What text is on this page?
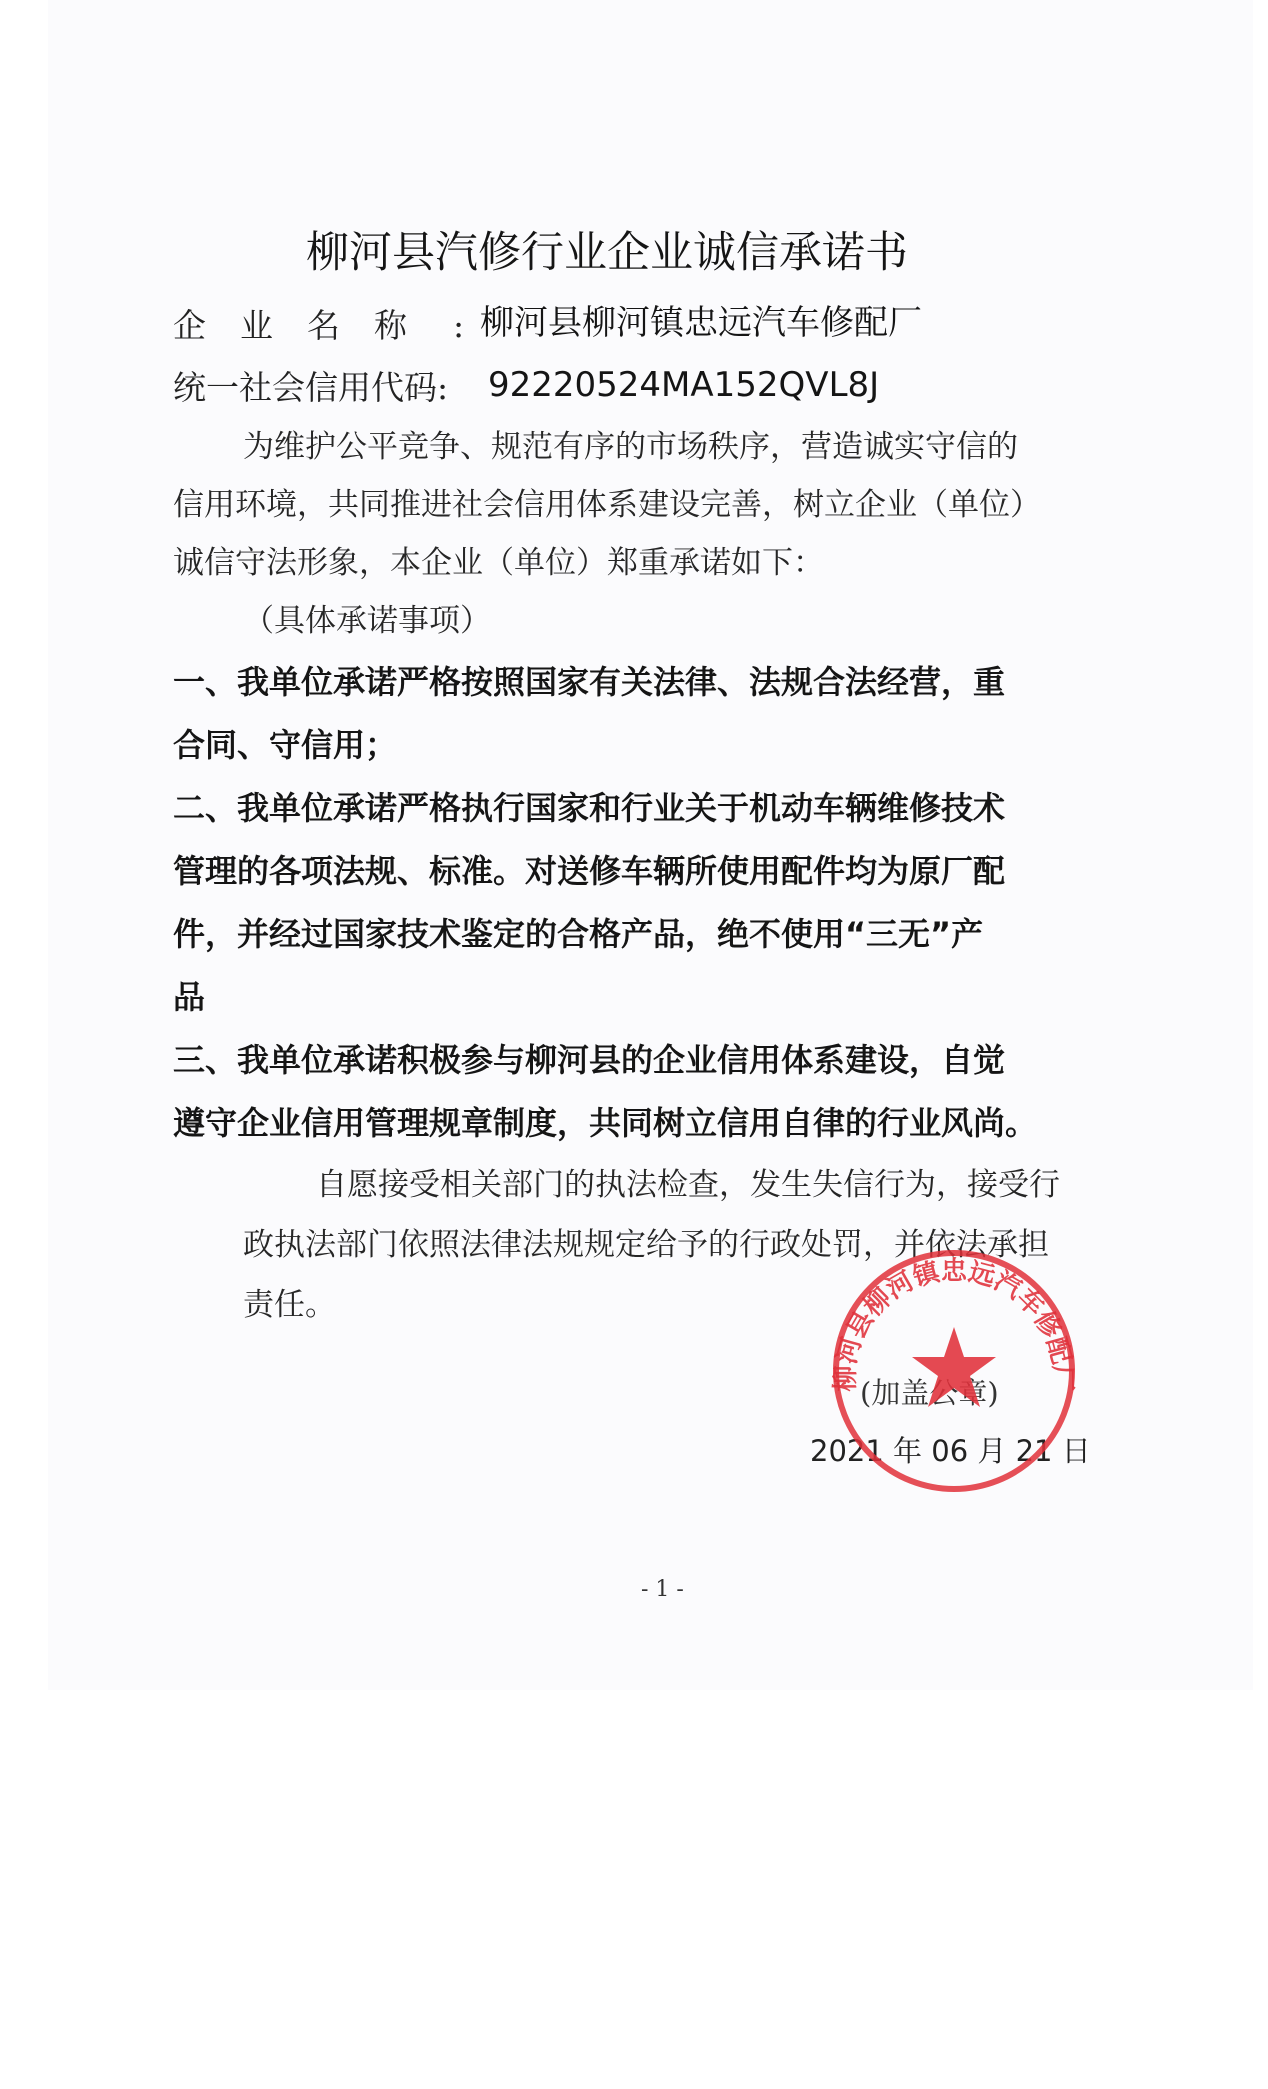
柳河县汽修行业企业诚信承诺书
企业名称 : 柳河县柳河镇忠远汽车修配厂
统一社会信用代码: 92220524MA152QVL8J
为维护公平竞争、规范有序的市场秩序，营造诚实守信的
信用环境，共同推进社会信用体系建设完善，树立企业（单位）
诚信守法形象，本企业（单位）郑重承诺如下：
（具体承诺事项）
一、我单位承诺严格按照国家有关法律、法规合法经营，重
合同、守信用；
二、我单位承诺严格执行国家和行业关于机动车辆维修技术
管理的各项法规、标准。对送修车辆所使用配件均为原厂配
件，并经过国家技术鉴定的合格产品，绝不使用“三无”产
品
三、我单位承诺积极参与柳河县的企业信用体系建设，自觉
遵守企业信用管理规章制度，共同树立信用自律的行业风尚。
自愿接受相关部门的执法检查，发生失信行为，接受行
政执法部门依照法律法规规定给予的行政处罚，并依法承担
责任。
(加盖公章)
2021 年 06 月 21 日
柳河县柳河镇忠远汽车修配厂
- 1 -
